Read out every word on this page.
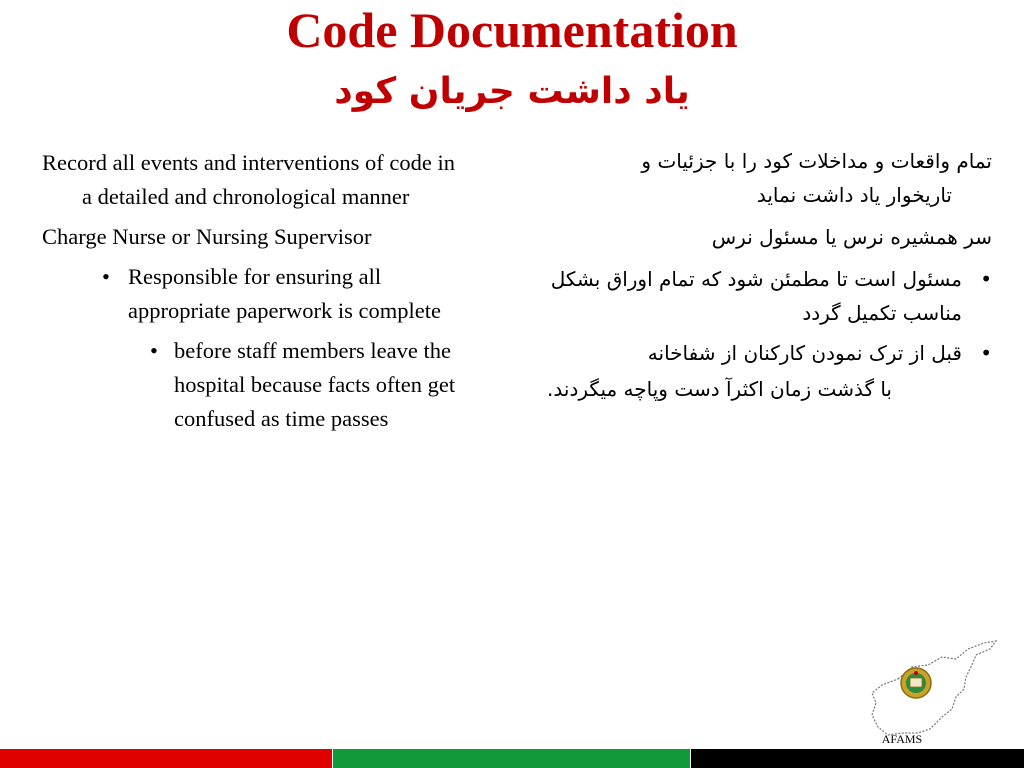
Code Documentation
یاد داشت جریان کود
Record all events and interventions of code in a detailed and chronological manner
Charge Nurse or Nursing Supervisor
• Responsible for ensuring all appropriate paperwork is complete
• before staff members leave the hospital because facts often get confused as time passes
تمام واقعات و مداخلات کود را با جزئیات و
تاریخوار یاد داشت نماید
سر همشیره نرس یا مسئول نرس
•
مسئول است تا مطمئن شود که تمام اوراق بشکل مناسب تکمیل گردد
•
قبل از ترک نمودن کارکنان از شفاخانه
با گذشت زمان اکثرآ دست وپاچه میگردند.
AFAMS
